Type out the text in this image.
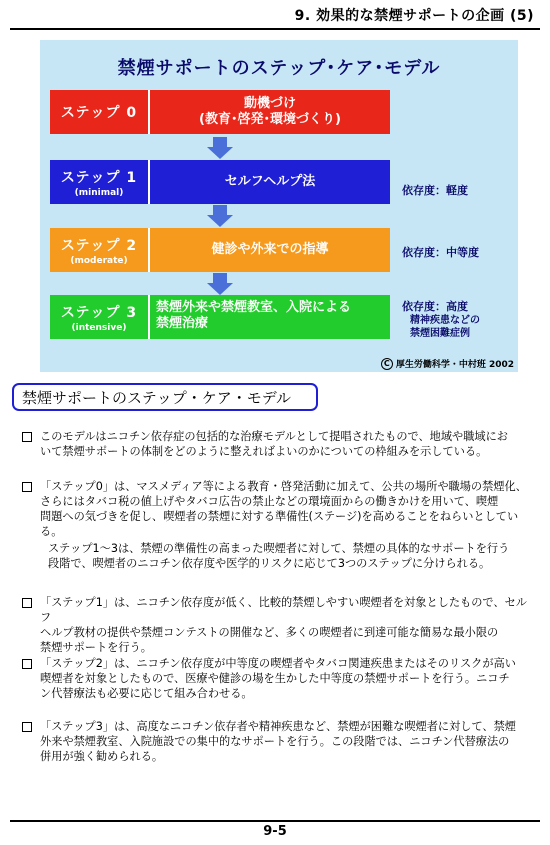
9. 効果的な禁煙サポートの企画 (5)
禁煙サポートのステップ･ケア･モデル
ステップ 0
動機づけ
(教育･啓発･環境づくり)
ステップ 1
(minimal)
セルフヘルプ法
ステップ 2
(moderate)
健診や外来での指導
ステップ 3
(intensive)
禁煙外来や禁煙教室、入院による
禁煙治療
依存度：軽度
依存度：中等度
依存度：高度
精神疾患などの
禁煙困難症例
C 厚生労働科学・中村班 2002
禁煙サポートのステップ・ケア・モデル
このモデルはニコチン依存症の包括的な治療モデルとして提唱されたもので、地域や職域にお
いて禁煙サポートの体制をどのように整えればよいのかについての枠組みを示している。
「ステップ0」は、マスメディア等による教育・啓発活動に加えて、公共の場所や職場の禁煙化、
さらにはタバコ税の値上げやタバコ広告の禁止などの環境面からの働きかけを用いて、喫煙
問題への気づきを促し、喫煙者の禁煙に対する準備性(ステージ)を高めることをねらいとしてい
る。
ステップ1～3は、禁煙の準備性の高まった喫煙者に対して、禁煙の具体的なサポートを行う
段階で、喫煙者のニコチン依存度や医学的リスクに応じて3つのステップに分けられる。
「ステップ1」は、ニコチン依存度が低く、比較的禁煙しやすい喫煙者を対象としたもので、セルフ
ヘルプ教材の提供や禁煙コンテストの開催など、多くの喫煙者に到達可能な簡易な最小限の
禁煙サポートを行う。
「ステップ2」は、ニコチン依存度が中等度の喫煙者やタバコ関連疾患またはそのリスクが高い
喫煙者を対象としたもので、医療や健診の場を生かした中等度の禁煙サポートを行う。ニコチ
ン代替療法も必要に応じて組み合わせる。
「ステップ3」は、高度なニコチン依存者や精神疾患など、禁煙が困難な喫煙者に対して、禁煙
外来や禁煙教室、入院施設での集中的なサポートを行う。この段階では、ニコチン代替療法の
併用が強く勧められる。
9-5
